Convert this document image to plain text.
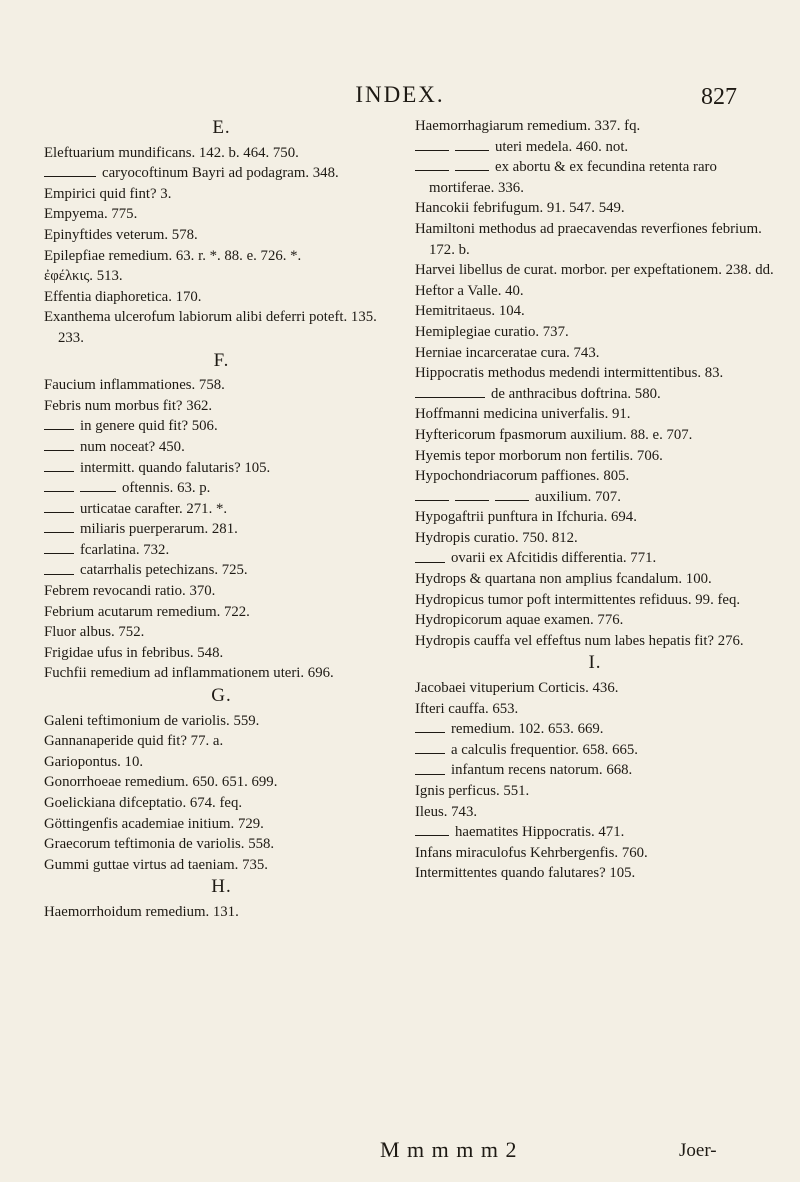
INDEX.	827

E.

Eleftuarium mundificans. 142. b. 464. 750.

caryocoftinum Bayri ad podagram. 348.

Empirici quid fint? 3.

Empyema. 775.

Epinyftides veterum. 578.

Epilepfiae remedium. 63. r. *. 88. e. 726. *.

ἐφέλκις. 513.

Effentia diaphoretica. 170.

Exanthema ulcerofum labiorum alibi deferri poteft. 135. 233.

F.

Faucium inflammationes. 758.

Febris num morbus fit? 362.

in genere quid fit? 506.

num noceat? 450.

intermitt. quando falutaris? 105.

oftennis. 63. p.

urticatae carafter. 271. *.

miliaris puerperarum. 281.

fcarlatina. 732.

catarrhalis petechizans. 725.

Febrem revocandi ratio. 370.

Febrium acutarum remedium. 722.

Fluor albus. 752.

Frigidae ufus in febribus. 548.

Fuchfii remedium ad inflammationem uteri. 696.

G.

Galeni teftimonium de variolis. 559.

Gannanaperide quid fit? 77. a.

Gariopontus. 10.

Gonorrhoeae remedium. 650. 651. 699.

Goelickiana difceptatio. 674. feq.

Göttingenfis academiae initium. 729.

Graecorum teftimonia de variolis. 558.

Gummi guttae virtus ad taeniam. 735.

H.

Haemorrhoidum remedium. 131.

Haemorrhagiarum remedium. 337. fq.

uteri medela. 460. not.

ex abortu & ex fecundina retenta raro mortiferae. 336.

Hancokii febrifugum. 91. 547. 549.

Hamiltoni methodus ad praecavendas reverfiones febrium. 172. b.

Harvei libellus de curat. morbor. per expeftationem. 238. dd.

Heftor a Valle. 40.

Hemitritaeus. 104.

Hemiplegiae curatio. 737.

Herniae incarceratae cura. 743.

Hippocratis methodus medendi intermittentibus. 83.

de anthracibus doftrina. 580.

Hoffmanni medicina univerfalis. 91.

Hyftericorum fpasmorum auxilium. 88. e. 707.

Hyemis tepor morborum non fertilis. 706.

Hypochondriacorum paffiones. 805.

auxilium. 707.

Hypogaftrii punftura in Ifchuria. 694.

Hydropis curatio. 750. 812.

ovarii ex Afcitidis differentia. 771.

Hydrops & quartana non amplius fcandalum. 100.

Hydropicus tumor poft intermittentes refiduus. 99. feq.

Hydropicorum aquae examen. 776.

Hydropis cauffa vel effeftus num labes hepatis fit? 276.

I.

Jacobaei vituperium Corticis. 436.

Ifteri cauffa. 653.

remedium. 102. 653. 669.

a calculis frequentior. 658. 665.

infantum recens natorum. 668.

Ignis perficus. 551.

Ileus. 743.

haematites Hippocratis. 471.

Infans miraculofus Kehrbergenfis. 760.

Intermittentes quando falutares? 105.

M m m m m 2	Joer-
